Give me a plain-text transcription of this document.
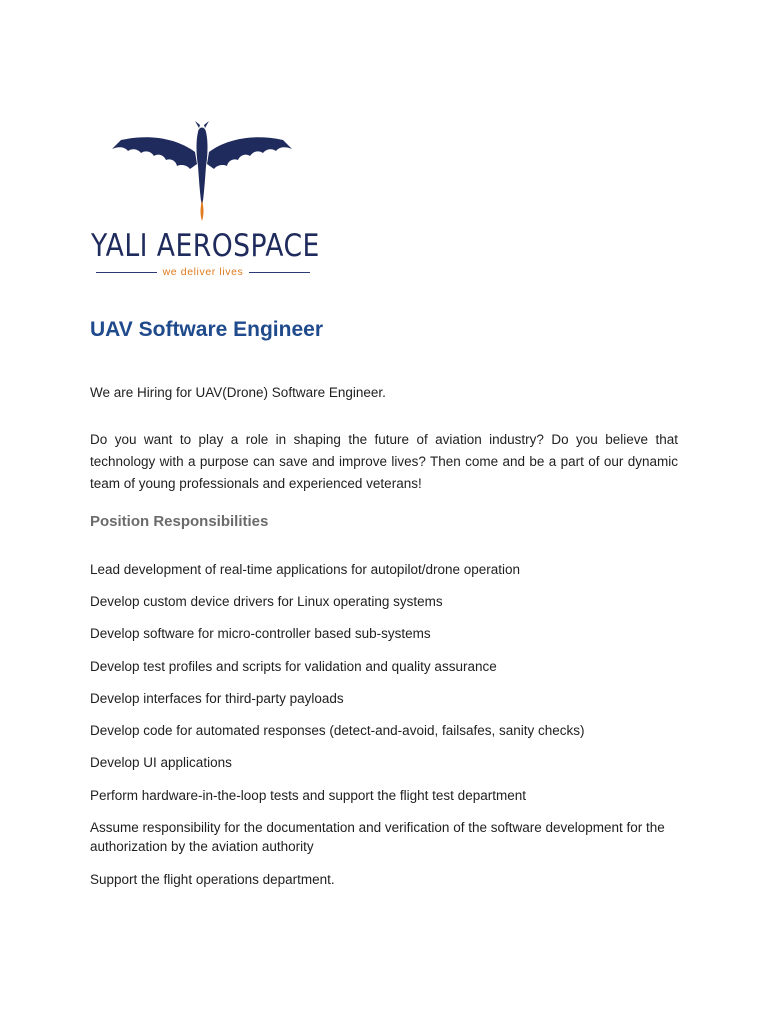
YALI AEROSPACE
we deliver lives
UAV Software Engineer

We are Hiring for UAV(Drone) Software Engineer.

Do you want to play a role in shaping the future of aviation industry? Do you believe that technology with a purpose can save and improve lives? Then come and be a part of our dynamic team of young professionals and experienced veterans!

Position Responsibilities

Lead development of real-time applications for autopilot/drone operation

Develop custom device drivers for Linux operating systems

Develop software for micro-controller based sub-systems

Develop test profiles and scripts for validation and quality assurance

Develop interfaces for third-party payloads

Develop code for automated responses (detect-and-avoid, failsafes, sanity checks)

Develop UI applications

Perform hardware-in-the-loop tests and support the flight test department

Assume responsibility for the documentation and verification of the software development for the authorization by the aviation authority

Support the flight operations department.
